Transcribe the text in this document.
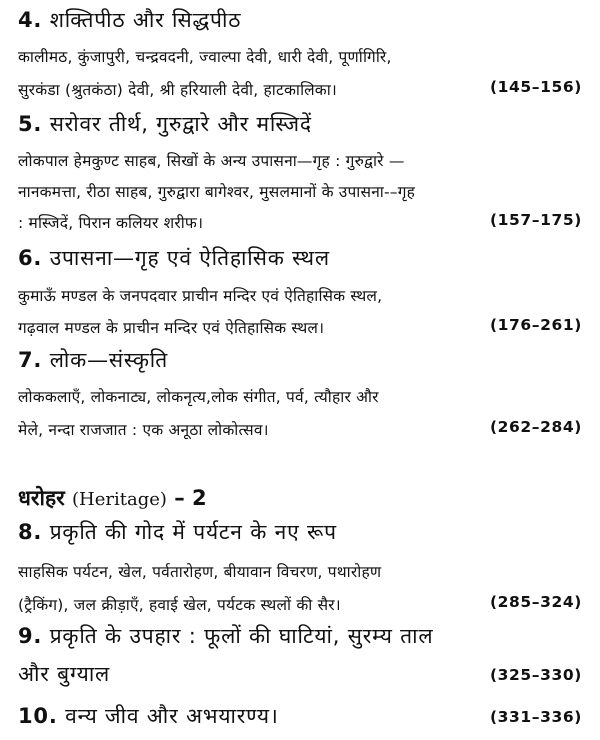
4. शक्तिपीठ और सिद्धपीठ
कालीमठ, कुंजापुरी, चन्द्रवदनी, ज्वाल्पा देवी, धारी देवी, पूर्णागिरि,
सुरकंडा (श्रुतकंठा) देवी, श्री हरियाली देवी, हाटकालिका।	(145–156)
5. सरोवर तीर्थ, गुरुद्वारे और मस्जिदें
लोकपाल हेमकुण्ट साहब, सिखों के अन्य उपासना—गृह : गुरुद्वारे —
नानकमत्ता, रीठा साहब, गुरुद्वारा बागेश्वर, मुसलमानों के उपासना-–गृह
: मस्जिदें, पिरान कलियर शरीफ।	(157–175)
6. उपासना—गृह एवं ऐतिहासिक स्थल
कुमाऊँ मण्डल के जनपदवार प्राचीन मन्दिर एवं ऐतिहासिक स्थल,
गढ़वाल मण्डल के प्राचीन मन्दिर एवं ऐतिहासिक स्थल।	(176–261)
7. लोक—संस्कृति
लोककलाएँ, लोकनाट्य, लोकनृत्य,लोक संगीत, पर्व, त्यौहार और
मेले, नन्दा राजजात : एक अनूठा लोकोत्सव।	(262–284)
धरोहर (Heritage) – 2
8. प्रकृति की गोद में पर्यटन के नए रूप
साहसिक पर्यटन, खेल, पर्वतारोहण, बीयावान विचरण, पथारोहण
(ट्रैकिंग), जल क्रीड़ाएँ, हवाई खेल, पर्यटक स्थलों की सैर।	(285–324)
9. प्रकृति के उपहार : फूलों की घाटियां, सुरम्य ताल
और बुग्याल	(325–330)
10. वन्य जीव और अभयारण्य।	(331–336)
